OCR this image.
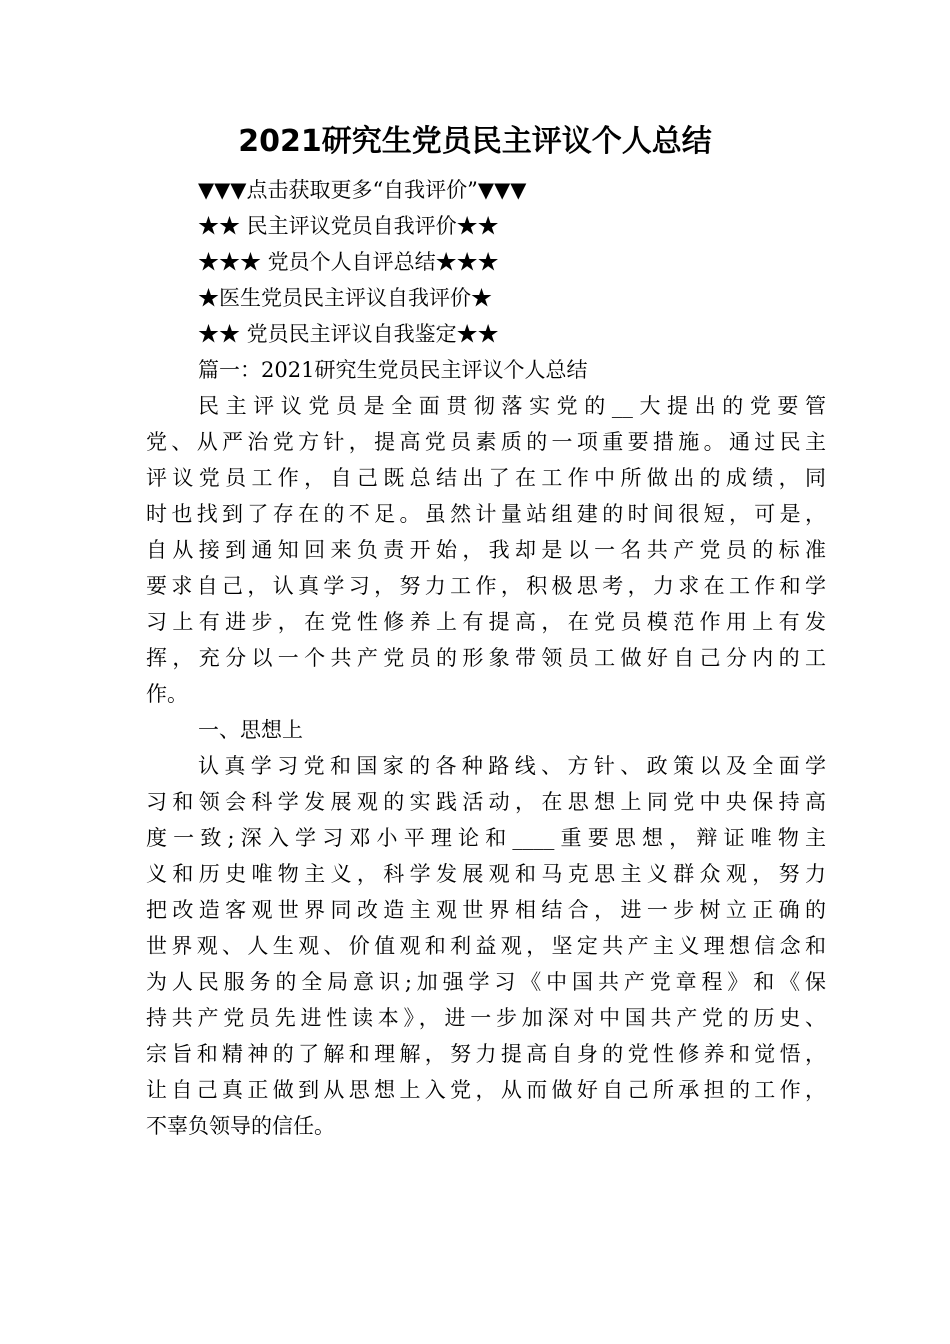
2021研究生党员民主评议个人总结
▼▼▼点击获取更多“自我评价”▼▼▼
★★ 民主评议党员自我评价★★
★★★ 党员个人自评总结★★★
★医生党员民主评议自我评价★
★★ 党员民主评议自我鉴定★★
篇一：2021研究生党员民主评议个人总结
民主评议党员是全面贯彻落实党的__大提出的党要管
党、从严治党方针，提高党员素质的一项重要措施。通过民主
评议党员工作，自己既总结出了在工作中所做出的成绩，同
时也找到了存在的不足。虽然计量站组建的时间很短，可是，
自从接到通知回来负责开始，我却是以一名共产党员的标准
要求自己，认真学习，努力工作，积极思考，力求在工作和学
习上有进步，在党性修养上有提高，在党员模范作用上有发
挥，充分以一个共产党员的形象带领员工做好自己分内的工
作。
一、思想上
认真学习党和国家的各种路线、方针、政策以及全面学
习和领会科学发展观的实践活动，在思想上同党中央保持高
度一致;深入学习邓小平理论和____重要思想，辩证唯物主
义和历史唯物主义，科学发展观和马克思主义群众观，努力
把改造客观世界同改造主观世界相结合，进一步树立正确的
世界观、人生观、价值观和利益观，坚定共产主义理想信念和
为人民服务的全局意识;加强学习《中国共产党章程》和《保
持共产党员先进性读本》，进一步加深对中国共产党的历史、
宗旨和精神的了解和理解，努力提高自身的党性修养和觉悟，
让自己真正做到从思想上入党，从而做好自己所承担的工作，
不辜负领导的信任。
